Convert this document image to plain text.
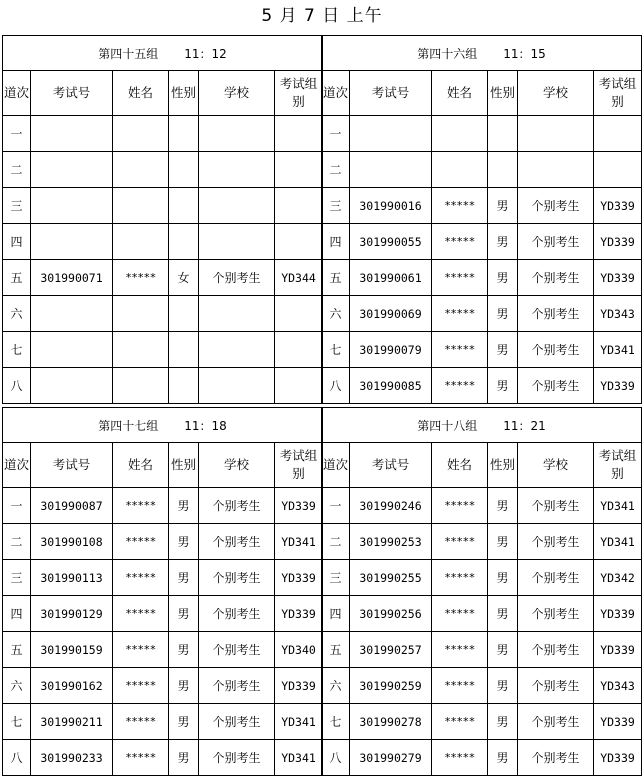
5 月 7 日 上午
第四十五组 11：12					
道次	考试号	姓名	性别	学校	考试组别
一					
二					
三					
四					
五	301990071	*****	女	个别考生	YD344
六					
七					
八					
第四十六组 11：15					
道次	考试号	姓名	性别	学校	考试组别
一					
二					
三	301990016	*****	男	个别考生	YD339
四	301990055	*****	男	个别考生	YD339
五	301990061	*****	男	个别考生	YD339
六	301990069	*****	男	个别考生	YD343
七	301990079	*****	男	个别考生	YD341
八	301990085	*****	男	个别考生	YD339
第四十七组 11：18					
道次	考试号	姓名	性别	学校	考试组别
一	301990087	*****	男	个别考生	YD339
二	301990108	*****	男	个别考生	YD341
三	301990113	*****	男	个别考生	YD339
四	301990129	*****	男	个别考生	YD339
五	301990159	*****	男	个别考生	YD340
六	301990162	*****	男	个别考生	YD339
七	301990211	*****	男	个别考生	YD341
八	301990233	*****	男	个别考生	YD341
第四十八组 11：21					
道次	考试号	姓名	性别	学校	考试组别
一	301990246	*****	男	个别考生	YD341
二	301990253	*****	男	个别考生	YD341
三	301990255	*****	男	个别考生	YD342
四	301990256	*****	男	个别考生	YD339
五	301990257	*****	男	个别考生	YD339
六	301990259	*****	男	个别考生	YD343
七	301990278	*****	男	个别考生	YD339
八	301990279	*****	男	个别考生	YD339
